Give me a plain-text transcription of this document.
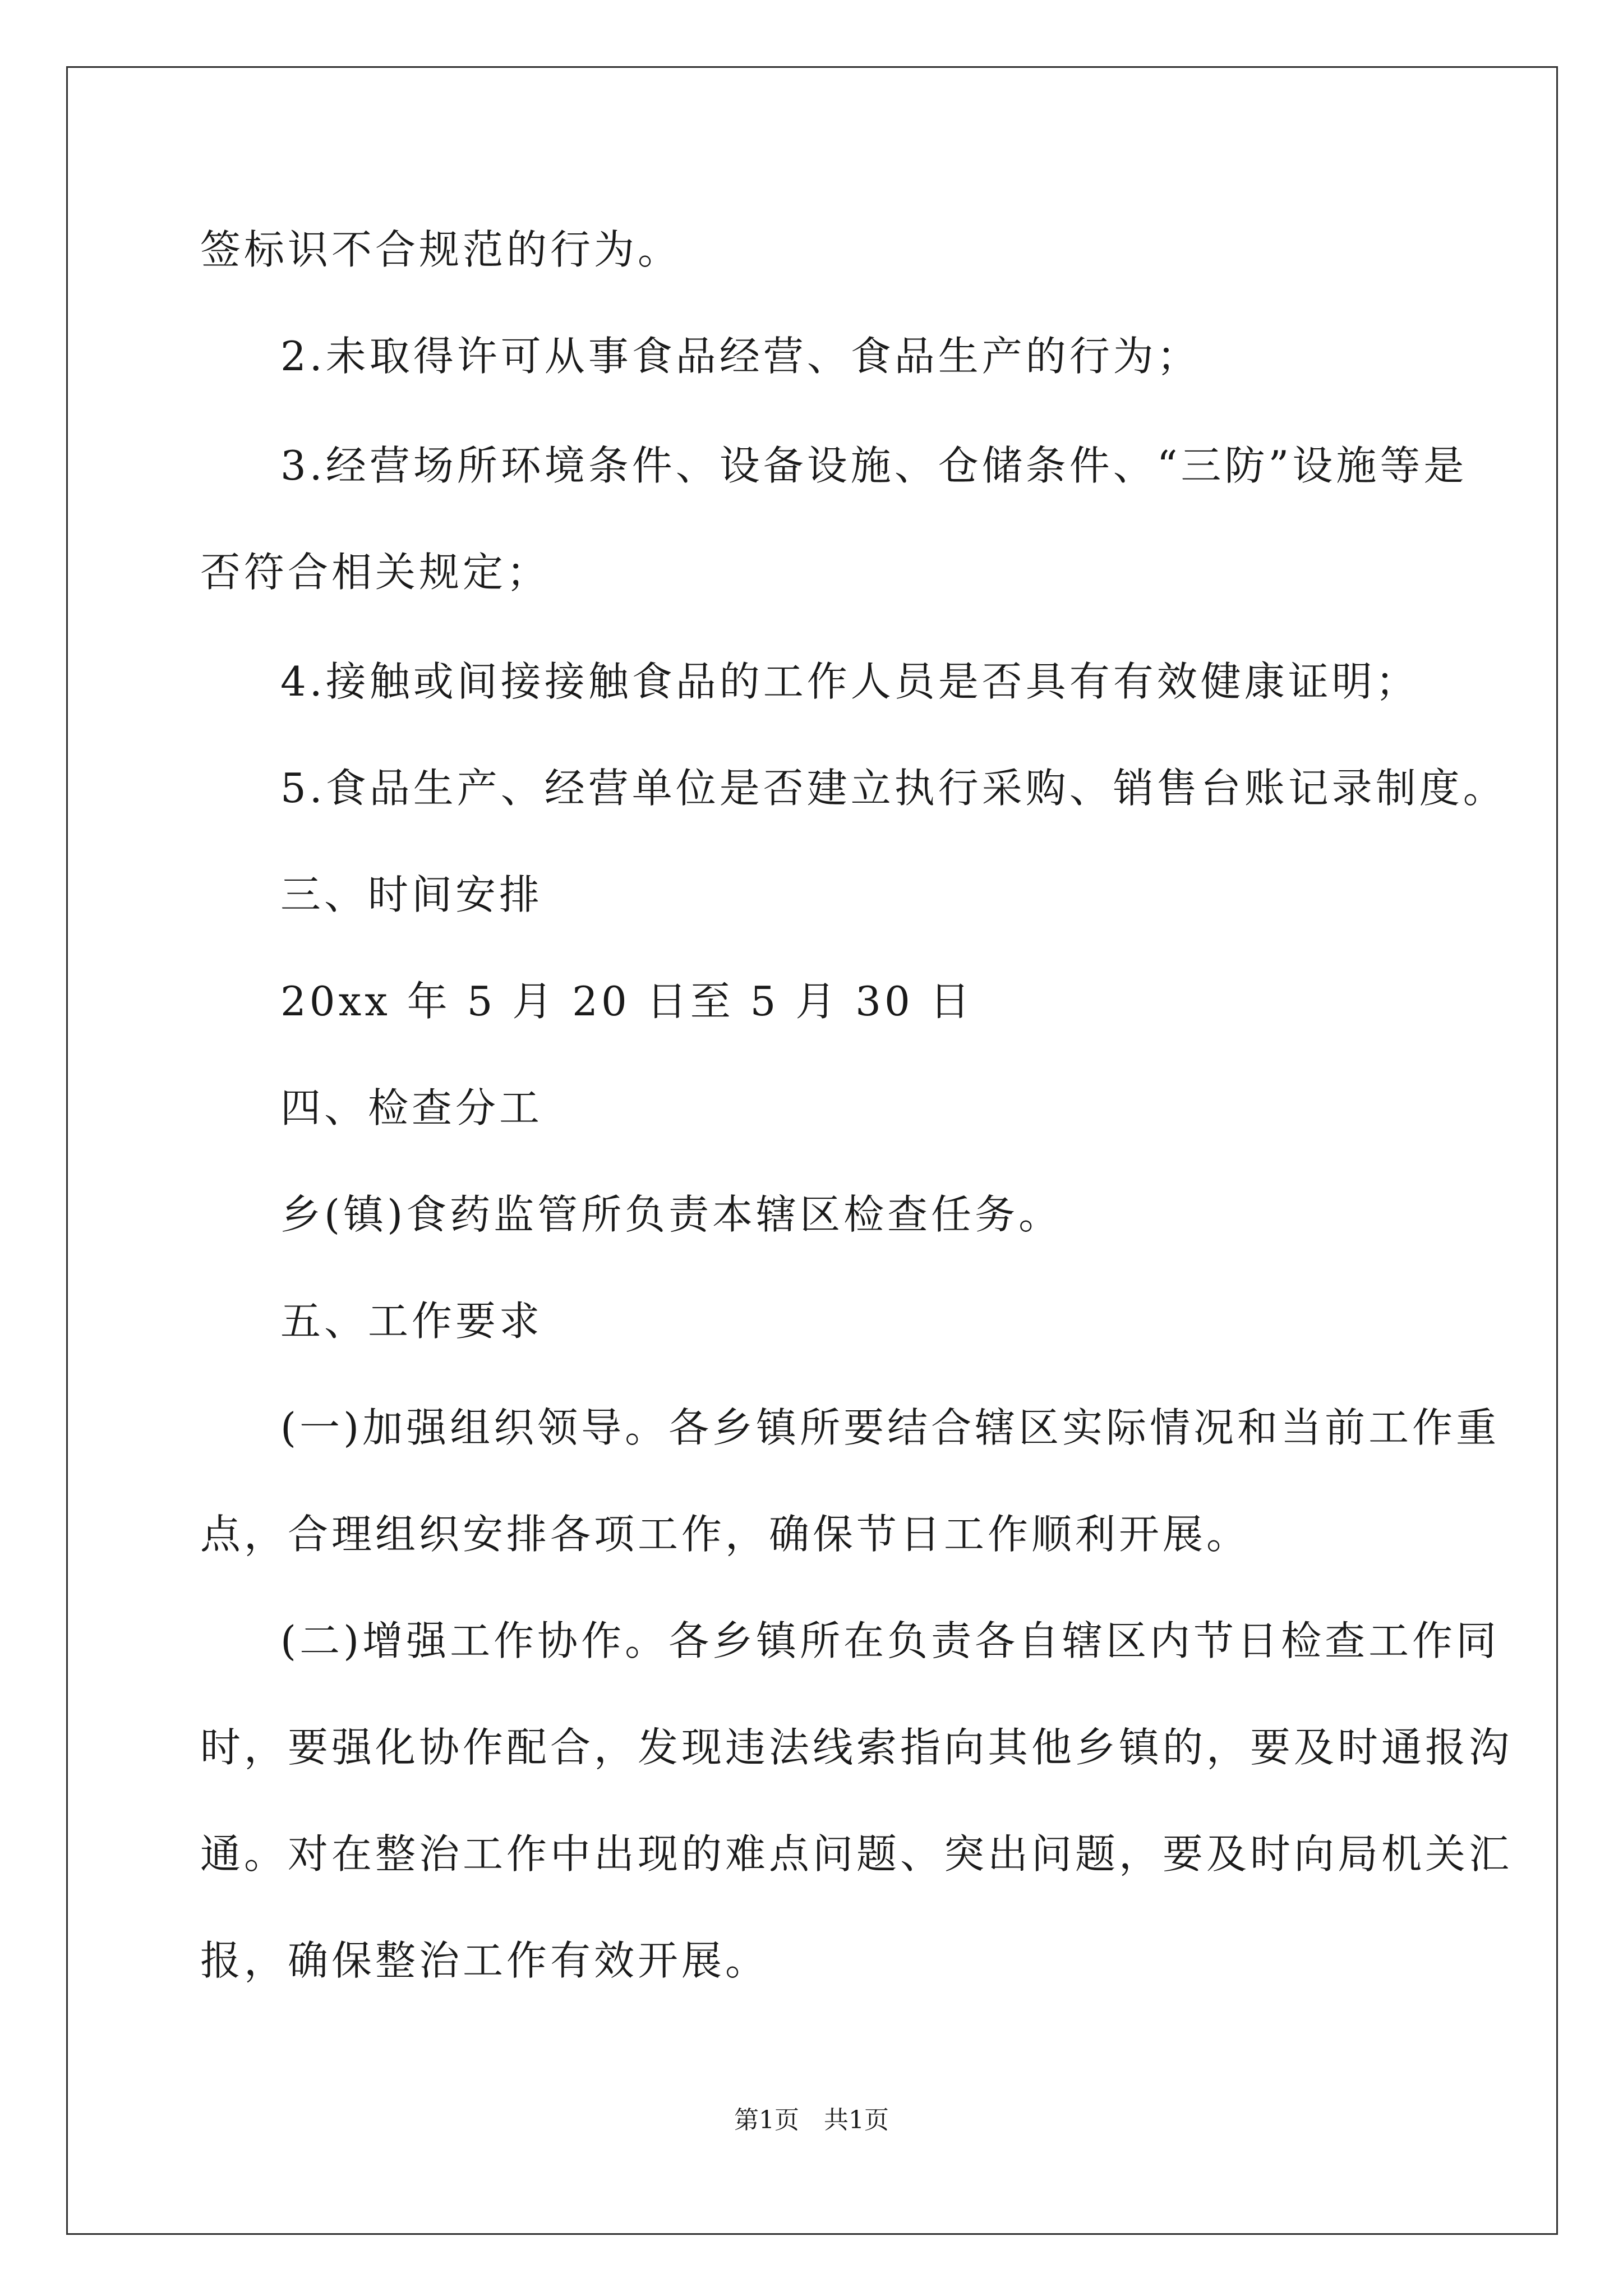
签标识不合规范的行为。
2.未取得许可从事食品经营、食品生产的行为；
3.经营场所环境条件、设备设施、仓储条件、“三防”设施等是
否符合相关规定；
4.接触或间接接触食品的工作人员是否具有有效健康证明；
5.食品生产、经营单位是否建立执行采购、销售台账记录制度。
三、时间安排
20xx 年 5 月 20 日至 5 月 30 日
四、检查分工
乡(镇)食药监管所负责本辖区检查任务。
五、工作要求
(一)加强组织领导。各乡镇所要结合辖区实际情况和当前工作重
点，合理组织安排各项工作，确保节日工作顺利开展。
(二)增强工作协作。各乡镇所在负责各自辖区内节日检查工作同
时，要强化协作配合，发现违法线索指向其他乡镇的，要及时通报沟
通。对在整治工作中出现的难点问题、突出问题，要及时向局机关汇
报，确保整治工作有效开展。
第1页　共1页
